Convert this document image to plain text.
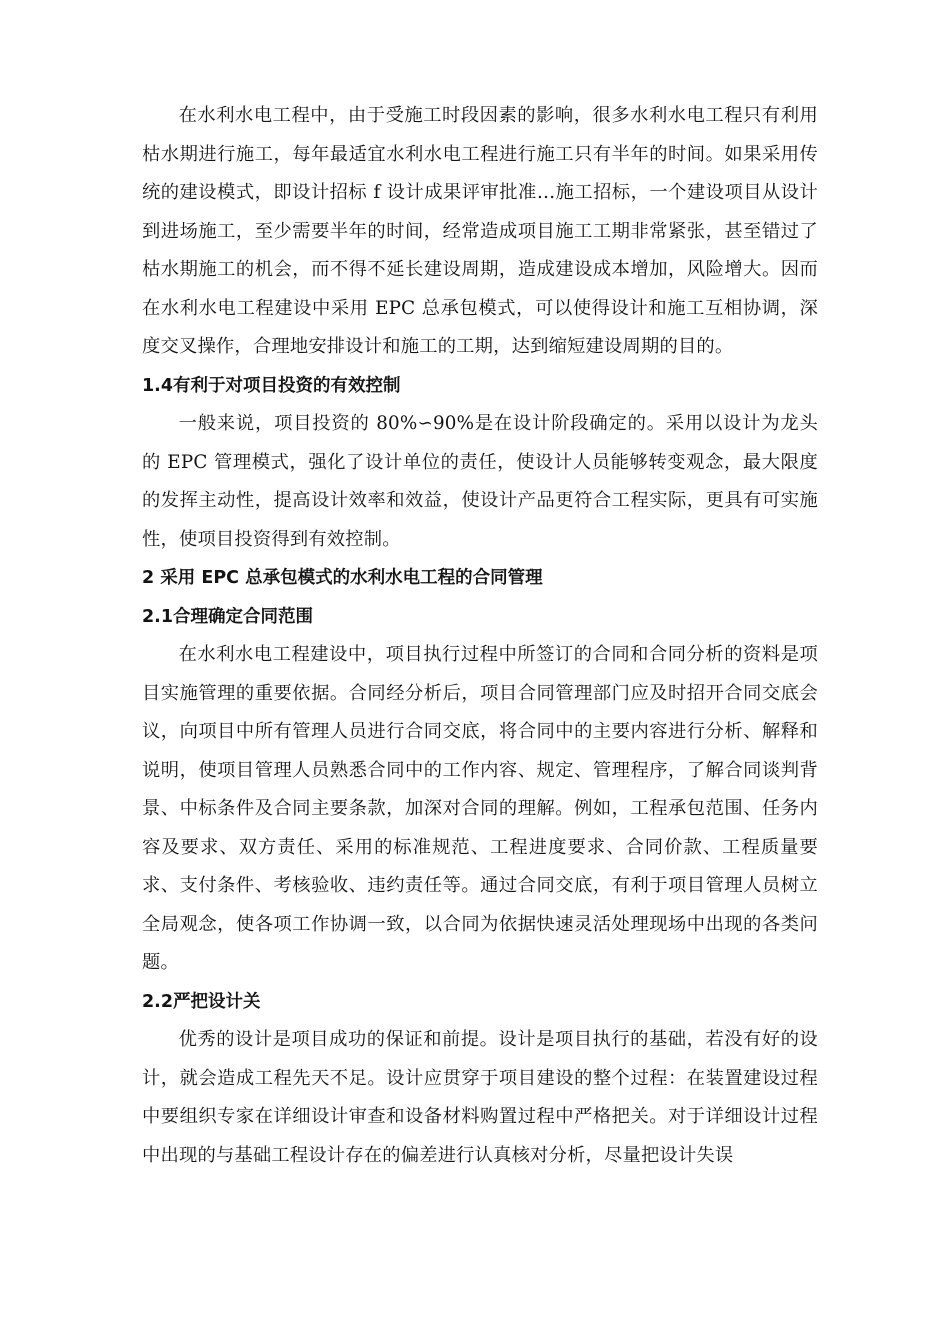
在水利水电工程中，由于受施工时段因素的影响，很多水利水电工程只有利用枯水期进行施工，每年最适宜水利水电工程进行施工只有半年的时间。如果采用传统的建设模式，即设计招标 f 设计成果评审批准…施工招标，一个建设项目从设计到进场施工，至少需要半年的时间，经常造成项目施工工期非常紧张，甚至错过了枯水期施工的机会，而不得不延长建设周期，造成建设成本增加，风险增大。因而在水利水电工程建设中采用 EPC 总承包模式，可以使得设计和施工互相协调，深度交叉操作，合理地安排设计和施工的工期，达到缩短建设周期的目的。

1.4有利于对项目投资的有效控制

一般来说，项目投资的 80%∽90%是在设计阶段确定的。采用以设计为龙头的 EPC 管理模式，强化了设计单位的责任，使设计人员能够转变观念，最大限度的发挥主动性，提高设计效率和效益，使设计产品更符合工程实际，更具有可实施性，使项目投资得到有效控制。

2 采用 EPC 总承包模式的水利水电工程的合同管理
2.1合理确定合同范围

在水利水电工程建设中，项目执行过程中所签订的合同和合同分析的资料是项目实施管理的重要依据。合同经分析后，项目合同管理部门应及时招开合同交底会议，向项目中所有管理人员进行合同交底，将合同中的主要内容进行分析、解释和说明，使项目管理人员熟悉合同中的工作内容、规定、管理程序，了解合同谈判背景、中标条件及合同主要条款，加深对合同的理解。例如，工程承包范围、任务内容及要求、双方责任、采用的标准规范、工程进度要求、合同价款、工程质量要求、支付条件、考核验收、违约责任等。通过合同交底，有利于项目管理人员树立全局观念，使各项工作协调一致，以合同为依据快速灵活处理现场中出现的各类问题。

2.2严把设计关

优秀的设计是项目成功的保证和前提。设计是项目执行的基础，若没有好的设计，就会造成工程先天不足。设计应贯穿于项目建设的整个过程：在装置建设过程中要组织专家在详细设计审查和设备材料购置过程中严格把关。对于详细设计过程中出现的与基础工程设计存在的偏差进行认真核对分析，尽量把设计失误
